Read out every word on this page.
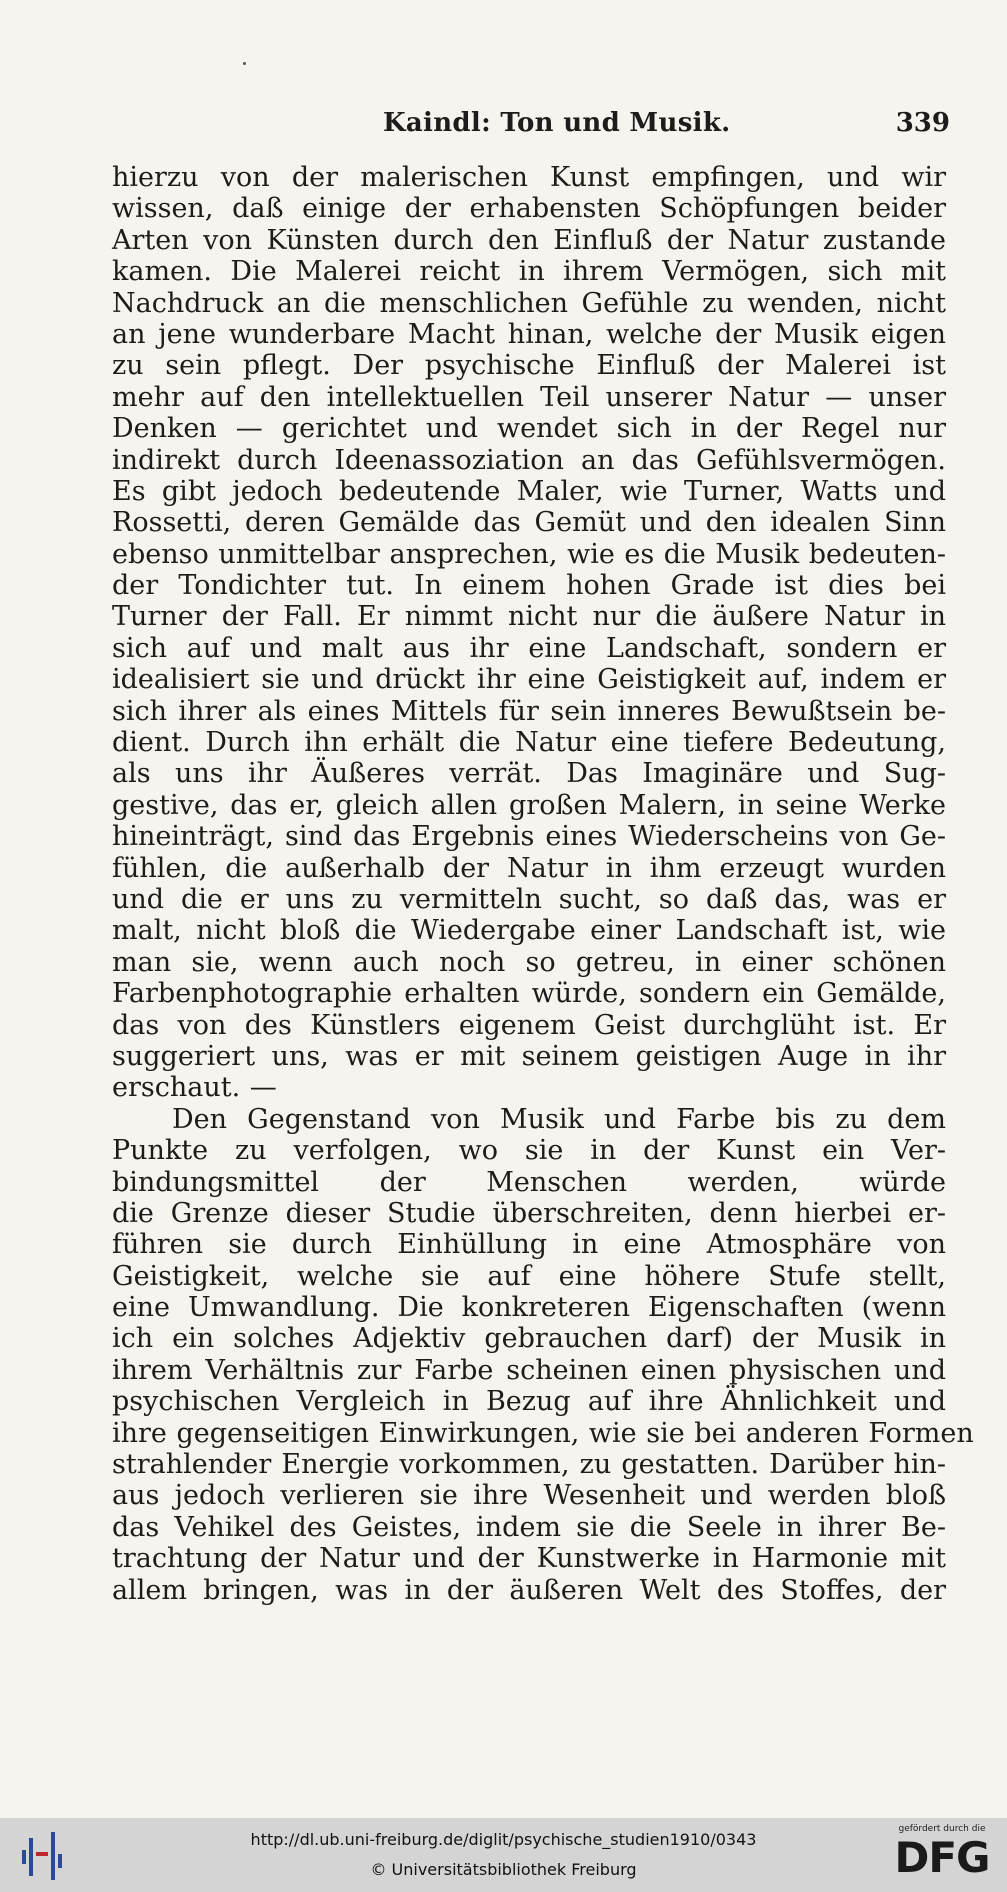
Kaindl: Ton und Musik.	339
hierzu von der malerischen Kunst empfingen, und wir
wissen, daß einige der erhabensten Schöpfungen beider
Arten von Künsten durch den Einfluß der Natur zustande
kamen. Die Malerei reicht in ihrem Vermögen, sich mit
Nachdruck an die menschlichen Gefühle zu wenden, nicht
an jene wunderbare Macht hinan, welche der Musik eigen
zu sein pflegt. Der psychische Einfluß der Malerei ist
mehr auf den intellektuellen Teil unserer Natur — unser
Denken — gerichtet und wendet sich in der Regel nur
indirekt durch Ideenassoziation an das Gefühlsvermögen.
Es gibt jedoch bedeutende Maler, wie Turner, Watts und
Rossetti, deren Gemälde das Gemüt und den idealen Sinn
ebenso unmittelbar ansprechen, wie es die Musik bedeuten-
der Tondichter tut. In einem hohen Grade ist dies bei
Turner der Fall. Er nimmt nicht nur die äußere Natur in
sich auf und malt aus ihr eine Landschaft, sondern er
idealisiert sie und drückt ihr eine Geistigkeit auf, indem er
sich ihrer als eines Mittels für sein inneres Bewußtsein be-
dient. Durch ihn erhält die Natur eine tiefere Bedeutung,
als uns ihr Äußeres verrät. Das Imaginäre und Sug-
gestive, das er, gleich allen großen Malern, in seine Werke
hineinträgt, sind das Ergebnis eines Wiederscheins von Ge-
fühlen, die außerhalb der Natur in ihm erzeugt wurden
und die er uns zu vermitteln sucht, so daß das, was er
malt, nicht bloß die Wiedergabe einer Landschaft ist, wie
man sie, wenn auch noch so getreu, in einer schönen
Farbenphotographie erhalten würde, sondern ein Gemälde,
das von des Künstlers eigenem Geist durchglüht ist. Er
suggeriert uns, was er mit seinem geistigen Auge in ihr
erschaut. —
Den Gegenstand von Musik und Farbe bis zu dem
Punkte zu verfolgen, wo sie in der Kunst ein Ver-
bindungsmittel der Menschen werden, würde
die Grenze dieser Studie überschreiten, denn hierbei er-
führen sie durch Einhüllung in eine Atmosphäre von
Geistigkeit, welche sie auf eine höhere Stufe stellt,
eine Umwandlung. Die konkreteren Eigenschaften (wenn
ich ein solches Adjektiv gebrauchen darf) der Musik in
ihrem Verhältnis zur Farbe scheinen einen physischen und
psychischen Vergleich in Bezug auf ihre Ähnlichkeit und
ihre gegenseitigen Einwirkungen, wie sie bei anderen Formen
strahlender Energie vorkommen, zu gestatten. Darüber hin-
aus jedoch verlieren sie ihre Wesenheit und werden bloß
das Vehikel des Geistes, indem sie die Seele in ihrer Be-
trachtung der Natur und der Kunstwerke in Harmonie mit
allem bringen, was in der äußeren Welt des Stoffes, der
http://dl.ub.uni-freiburg.de/diglit/psychische_studien1910/0343
© Universitätsbibliothek Freiburg
gefördert durch die
DFG
